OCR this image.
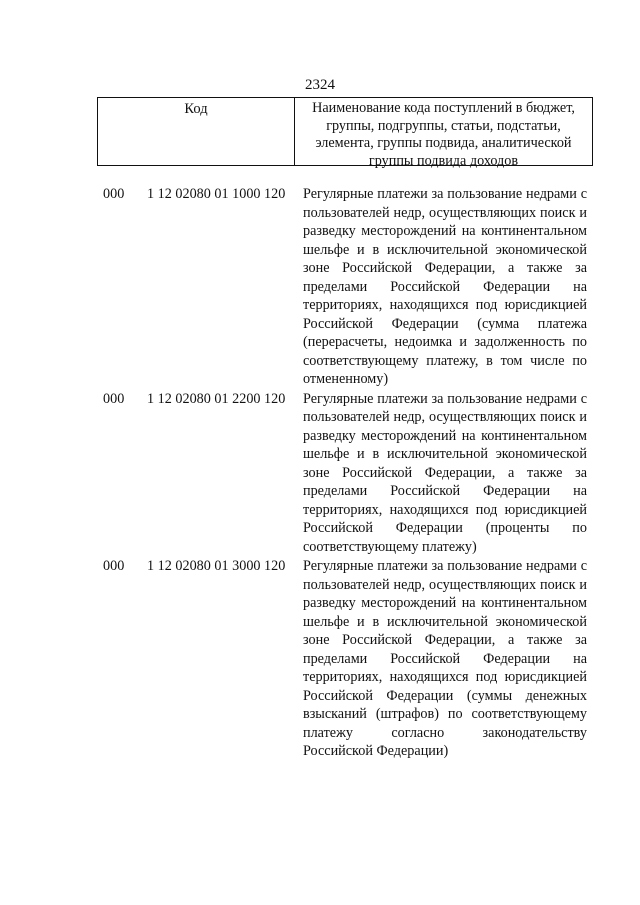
2324
Код	Наименование кода поступлений в бюджет, группы, подгруппы, статьи, подстатьи, элемента, группы подвида, аналитической группы подвида доходов
000 1 12 02080 01 1000 120 Регулярные платежи за пользование недрами с пользователей недр, осуществляющих поиск и разведку месторождений на континентальном шельфе и в исключительной экономической зоне Российской Федерации, а также за пределами Российской Федерации на территориях, находящихся под юрисдикцией Российской Федерации (сумма платежа (перерасчеты, недоимка и задолженность по соответствующему платежу, в том числе по отмененному)
000 1 12 02080 01 2200 120 Регулярные платежи за пользование недрами с пользователей недр, осуществляющих поиск и разведку месторождений на континентальном шельфе и в исключительной экономической зоне Российской Федерации, а также за пределами Российской Федерации на территориях, находящихся под юрисдикцией Российской Федерации (проценты по соответствующему платежу)
000 1 12 02080 01 3000 120 Регулярные платежи за пользование недрами с пользователей недр, осуществляющих поиск и разведку месторождений на континентальном шельфе и в исключительной экономической зоне Российской Федерации, а также за пределами Российской Федерации на территориях, находящихся под юрисдикцией Российской Федерации (суммы денежных взысканий (штрафов) по соответствующему платежу согласно законодательству Российской Федерации)
